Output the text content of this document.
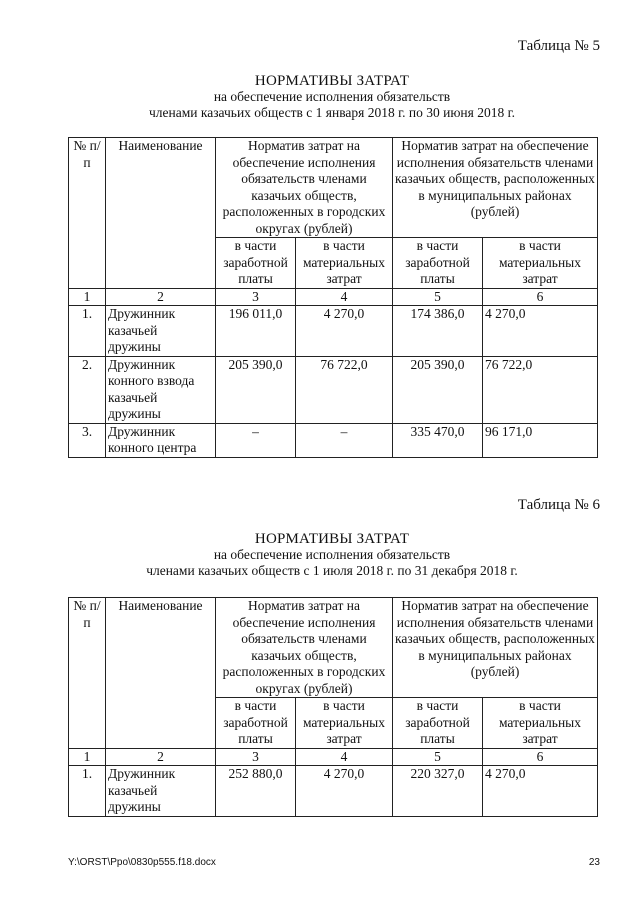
Таблица № 5
НОРМАТИВЫ ЗАТРАТ
на обеспечение исполнения обязательств
членами казачьих обществ с 1 января 2018 г. по 30 июня 2018 г.
№ п/п	Наименование	Норматив затрат на обеспечение исполнения обязательств членами казачьих обществ, расположенных в городских округах (рублей)		Норматив затрат на обеспечение исполнения обязательств членами казачьих обществ, расположенных в муниципальных районах (рублей)	
		в части заработной платы	в части материальных затрат	в части заработной платы	в части материальных затрат
1	2	3	4	5	6
1.	Дружинник казачьей дружины	196 011,0	4 270,0	174 386,0	4 270,0
2.	Дружинник конного взвода казачьей дружины	205 390,0	76 722,0	205 390,0	76 722,0
3.	Дружинник конного центра	–	–	335 470,0	96 171,0
Таблица № 6
НОРМАТИВЫ ЗАТРАТ
на обеспечение исполнения обязательств
членами казачьих обществ с 1 июля 2018 г. по 31 декабря 2018 г.
№ п/п	Наименование	Норматив затрат на обеспечение исполнения обязательств членами казачьих обществ, расположенных в городских округах (рублей)		Норматив затрат на обеспечение исполнения обязательств членами казачьих обществ, расположенных в муниципальных районах (рублей)	
		в части заработной платы	в части материальных затрат	в части заработной платы	в части материальных затрат
1	2	3	4	5	6
1.	Дружинник казачьей дружины	252 880,0	4 270,0	220 327,0	4 270,0
Y:\ORST\Ppo\0830p555.f18.docx	23
